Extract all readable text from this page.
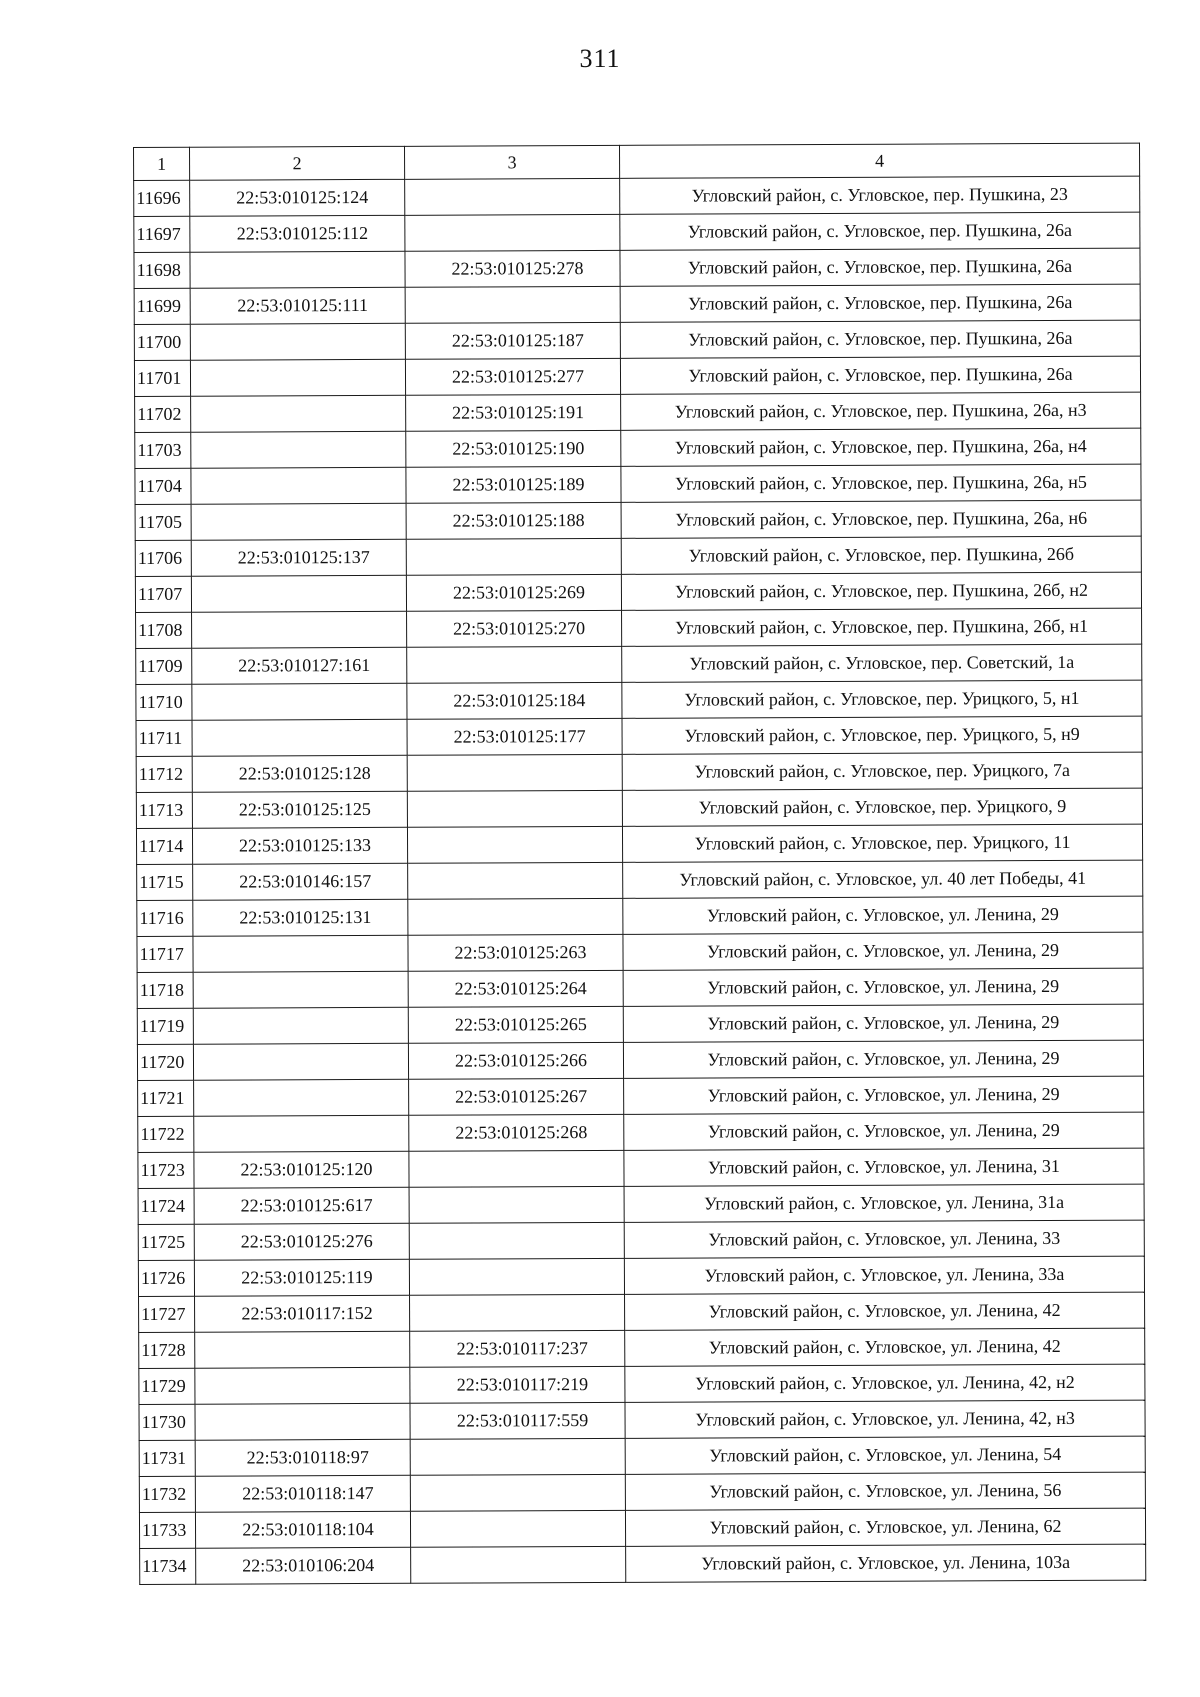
311
1	2	3	4
11696	22:53:010125:124		Угловский район, с. Угловское, пер. Пушкина, 23
11697	22:53:010125:112		Угловский район, с. Угловское, пер. Пушкина, 26а
11698		22:53:010125:278	Угловский район, с. Угловское, пер. Пушкина, 26а
11699	22:53:010125:111		Угловский район, с. Угловское, пер. Пушкина, 26а
11700		22:53:010125:187	Угловский район, с. Угловское, пер. Пушкина, 26а
11701		22:53:010125:277	Угловский район, с. Угловское, пер. Пушкина, 26а
11702		22:53:010125:191	Угловский район, с. Угловское, пер. Пушкина, 26а, н3
11703		22:53:010125:190	Угловский район, с. Угловское, пер. Пушкина, 26а, н4
11704		22:53:010125:189	Угловский район, с. Угловское, пер. Пушкина, 26а, н5
11705		22:53:010125:188	Угловский район, с. Угловское, пер. Пушкина, 26а, н6
11706	22:53:010125:137		Угловский район, с. Угловское, пер. Пушкина, 26б
11707		22:53:010125:269	Угловский район, с. Угловское, пер. Пушкина, 26б, н2
11708		22:53:010125:270	Угловский район, с. Угловское, пер. Пушкина, 26б, н1
11709	22:53:010127:161		Угловский район, с. Угловское, пер. Советский, 1а
11710		22:53:010125:184	Угловский район, с. Угловское, пер. Урицкого, 5, н1
11711		22:53:010125:177	Угловский район, с. Угловское, пер. Урицкого, 5, н9
11712	22:53:010125:128		Угловский район, с. Угловское, пер. Урицкого, 7а
11713	22:53:010125:125		Угловский район, с. Угловское, пер. Урицкого, 9
11714	22:53:010125:133		Угловский район, с. Угловское, пер. Урицкого, 11
11715	22:53:010146:157		Угловский район, с. Угловское, ул. 40 лет Победы, 41
11716	22:53:010125:131		Угловский район, с. Угловское, ул. Ленина, 29
11717		22:53:010125:263	Угловский район, с. Угловское, ул. Ленина, 29
11718		22:53:010125:264	Угловский район, с. Угловское, ул. Ленина, 29
11719		22:53:010125:265	Угловский район, с. Угловское, ул. Ленина, 29
11720		22:53:010125:266	Угловский район, с. Угловское, ул. Ленина, 29
11721		22:53:010125:267	Угловский район, с. Угловское, ул. Ленина, 29
11722		22:53:010125:268	Угловский район, с. Угловское, ул. Ленина, 29
11723	22:53:010125:120		Угловский район, с. Угловское, ул. Ленина, 31
11724	22:53:010125:617		Угловский район, с. Угловское, ул. Ленина, 31а
11725	22:53:010125:276		Угловский район, с. Угловское, ул. Ленина, 33
11726	22:53:010125:119		Угловский район, с. Угловское, ул. Ленина, 33а
11727	22:53:010117:152		Угловский район, с. Угловское, ул. Ленина, 42
11728		22:53:010117:237	Угловский район, с. Угловское, ул. Ленина, 42
11729		22:53:010117:219	Угловский район, с. Угловское, ул. Ленина, 42, н2
11730		22:53:010117:559	Угловский район, с. Угловское, ул. Ленина, 42, н3
11731	22:53:010118:97		Угловский район, с. Угловское, ул. Ленина, 54
11732	22:53:010118:147		Угловский район, с. Угловское, ул. Ленина, 56
11733	22:53:010118:104		Угловский район, с. Угловское, ул. Ленина, 62
11734	22:53:010106:204		Угловский район, с. Угловское, ул. Ленина, 103а
